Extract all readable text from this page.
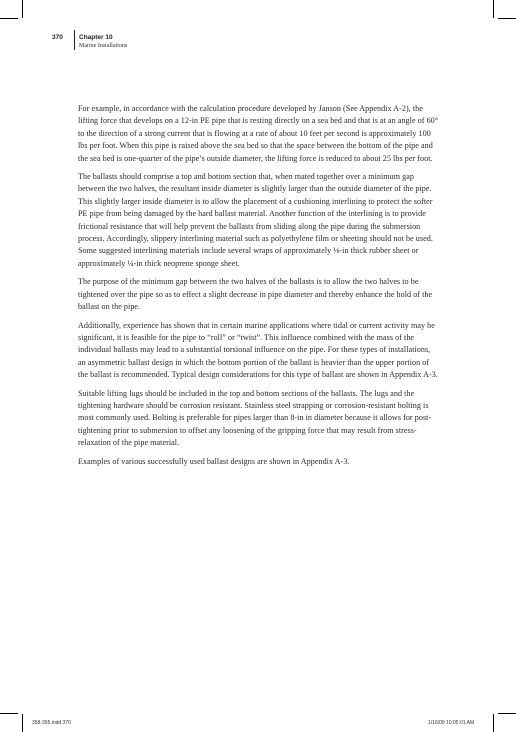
370 Chapter 10
Marine Installations

For example, in accordance with the calculation procedure developed by Janson (See Appendix A-2), the lifting force that develops on a 12-in PE pipe that is resting directly on a sea bed and that is at an angle of 60° to the direction of a strong current that is flowing at a rate of about 10 feet per second is approximately 100 lbs per foot. When this pipe is raised above the sea bed so that the space between the bottom of the pipe and the sea bed is one-quarter of the pipe’s outside diameter, the lifting force is reduced to about 25 lbs per foot.

The ballasts should comprise a top and bottom section that, when mated together over a minimum gap between the two halves, the resultant inside diameter is slightly larger than the outside diameter of the pipe. This slightly larger inside diameter is to allow the placement of a cushioning interlining to protect the softer PE pipe from being damaged by the hard ballast material. Another function of the interlining is to provide frictional resistance that will help prevent the ballasts from sliding along the pipe during the submersion process. Accordingly, slippery interlining material such as polyethylene film or sheeting should not be used. Some suggested interlining materials include several wraps of approximately ⅛-in thick rubber sheet or approximately ¼-in thick neoprene sponge sheet.

The purpose of the minimum gap between the two halves of the ballasts is to allow the two halves to be tightened over the pipe so as to effect a slight decrease in pipe diameter and thereby enhance the hold of the ballast on the pipe.

Additionally, experience has shown that in certain marine applications where tidal or current activity may be significant, it is feasible for the pipe to “roll” or “twist”. This influence combined with the mass of the individual ballasts may lead to a substantial torsional influence on the pipe. For these types of installations, an asymmetric ballast design in which the bottom portion of the ballast is heavier than the upper portion of the ballast is recommended. Typical design considerations for this type of ballast are shown in Appendix A-3.

Suitable lifting lugs should be included in the top and bottom sections of the ballasts. The lugs and the tightening hardware should be corrosion resistant. Stainless steel strapping or corrosion-resistant bolting is most commonly used. Bolting is preferable for pipes larger than 8-in in diameter because it allows for post-tightening prior to submersion to offset any loosening of the gripping force that may result from stress-relaxation of the pipe material.

Examples of various successfully used ballast designs are shown in Appendix A-3.

358-395.indd 370	1/16/09 10:05:01 AM
